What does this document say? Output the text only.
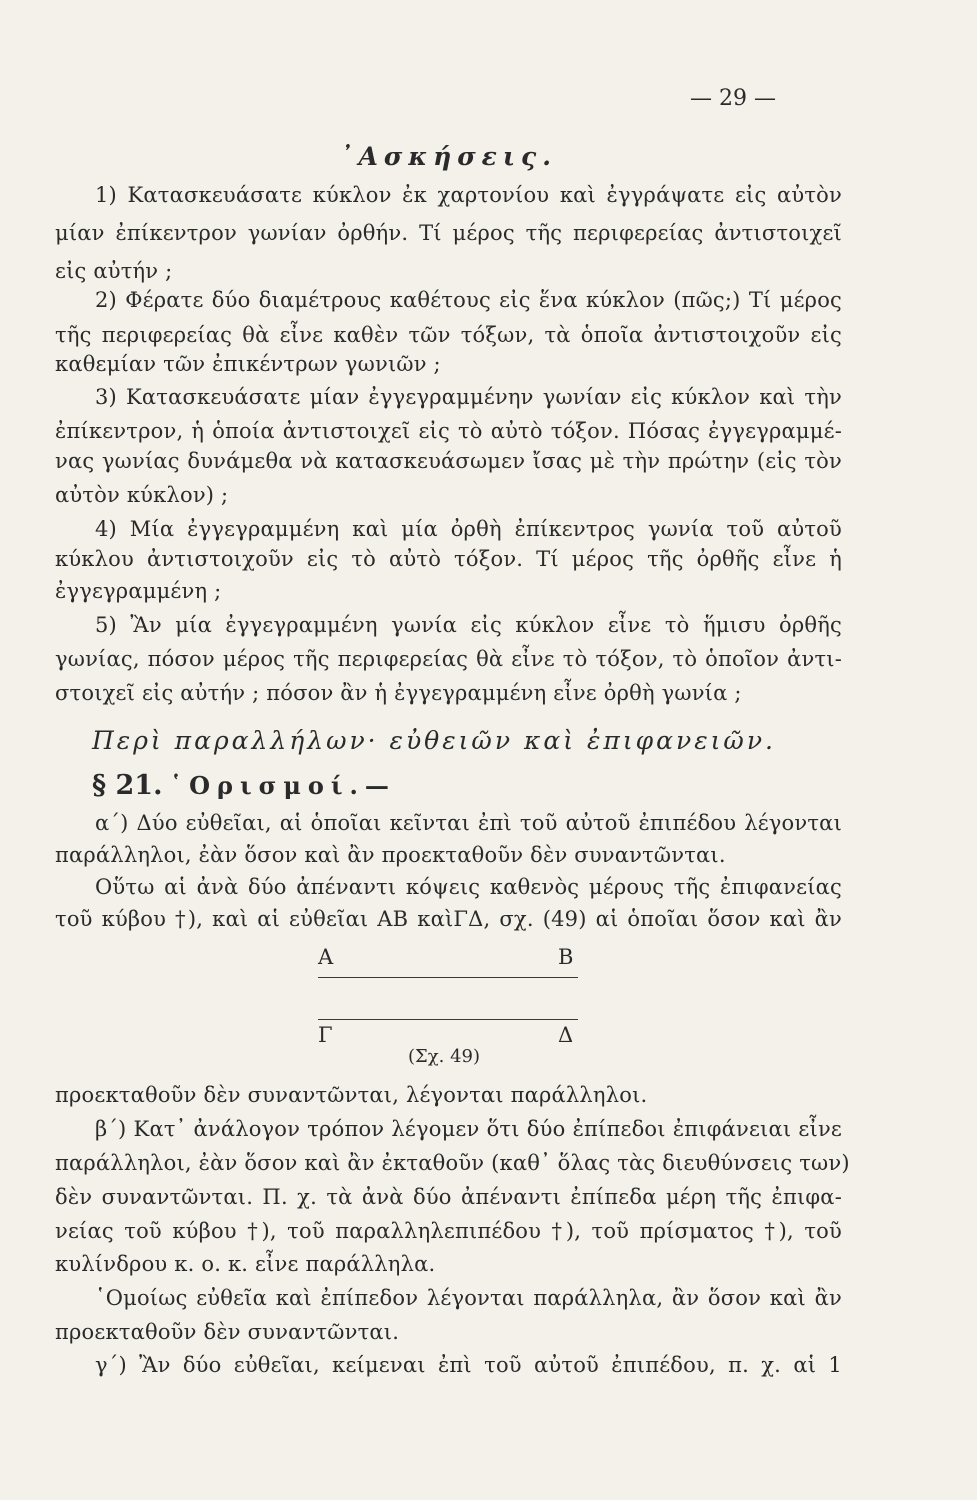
— 29 —
᾿Ασκήσεις.
1) Κατασκευάσατε κύκλον ἐκ χαρτονίου καὶ ἐγγράψατε εἰς αὐτὸν
μίαν ἐπίκεντρον γωνίαν ὀρθήν. Τί μέρος τῆς περιφερείας ἀντιστοιχεῖ
εἰς αὐτήν ;
2) Φέρατε δύο διαμέτρους καθέτους εἰς ἕνα κύκλον (πῶς;) Τί μέρος
τῆς περιφερείας θὰ εἶνε καθὲν τῶν τόξων, τὰ ὁποῖα ἀντιστοιχοῦν εἰς
καθεμίαν τῶν ἐπικέντρων γωνιῶν ;
3) Κατασκευάσατε μίαν ἐγγεγραμμένην γωνίαν εἰς κύκλον καὶ τὴν
ἐπίκεντρον, ἡ ὁποία ἀντιστοιχεῖ εἰς τὸ αὐτὸ τόξον. Πόσας ἐγγεγραμμέ-
νας γωνίας δυνάμεθα νὰ κατασκευάσωμεν ἴσας μὲ τὴν πρώτην (εἰς τὸν
αὐτὸν κύκλον) ;
4) Μία ἐγγεγραμμένη καὶ μία ὀρθὴ ἐπίκεντρος γωνία τοῦ αὐτοῦ
κύκλου ἀντιστοιχοῦν εἰς τὸ αὐτὸ τόξον. Τί μέρος τῆς ὀρθῆς εἶνε ἡ
ἐγγεγραμμένη ;
5) Ἂν μία ἐγγεγραμμένη γωνία εἰς κύκλον εἶνε τὸ ἥμισυ ὀρθῆς
γωνίας, πόσον μέρος τῆς περιφερείας θὰ εἶνε τὸ τόξον, τὸ ὁποῖον ἀντι-
στοιχεῖ εἰς αὐτήν ; πόσον ἂν ἡ ἐγγεγραμμένη εἶνε ὀρθὴ γωνία ;
Περὶ παραλλήλων· εὐθειῶν καὶ ἐπιφανειῶν.
§ 21. ῾Ορισμοί.—
α΄) Δύο εὐθεῖαι, αἱ ὁποῖαι κεῖνται ἐπὶ τοῦ αὐτοῦ ἐπιπέδου λέγονται
παράλληλοι, ἐὰν ὅσον καὶ ἂν προεκταθοῦν δὲν συναντῶνται.
Οὕτω αἱ ἀνὰ δύο ἀπέναντι κόψεις καθενὸς μέρους τῆς ἐπιφανείας
τοῦ κύβου †), καὶ αἱ εὐθεῖαι ΑΒ καὶΓΔ, σχ. (49) αἱ ὁποῖαι ὅσον καὶ ἂν
Α	Β
Γ	Δ
(Σχ. 49)
προεκταθοῦν δὲν συναντῶνται, λέγονται παράλληλοι.
β΄) Κατ᾿ ἀνάλογον τρόπον λέγομεν ὅτι δύο ἐπίπεδοι ἐπιφάνειαι εἶνε
παράλληλοι, ἐὰν ὅσον καὶ ἂν ἐκταθοῦν (καθ᾿ ὅλας τὰς διευθύνσεις των)
δὲν συναντῶνται. Π. χ. τὰ ἀνὰ δύο ἀπέναντι ἐπίπεδα μέρη τῆς ἐπιφα-
νείας τοῦ κύβου †), τοῦ παραλληλεπιπέδου †), τοῦ πρίσματος †), τοῦ
κυλίνδρου κ. ο. κ. εἶνε παράλληλα.
῾Ομοίως εὐθεῖα καὶ ἐπίπεδον λέγονται παράλληλα, ἂν ὅσον καὶ ἂν
προεκταθοῦν δὲν συναντῶνται.
γ΄) Ἂν δύο εὐθεῖαι, κείμεναι ἐπὶ τοῦ αὐτοῦ ἐπιπέδου, π. χ. αἱ 1
